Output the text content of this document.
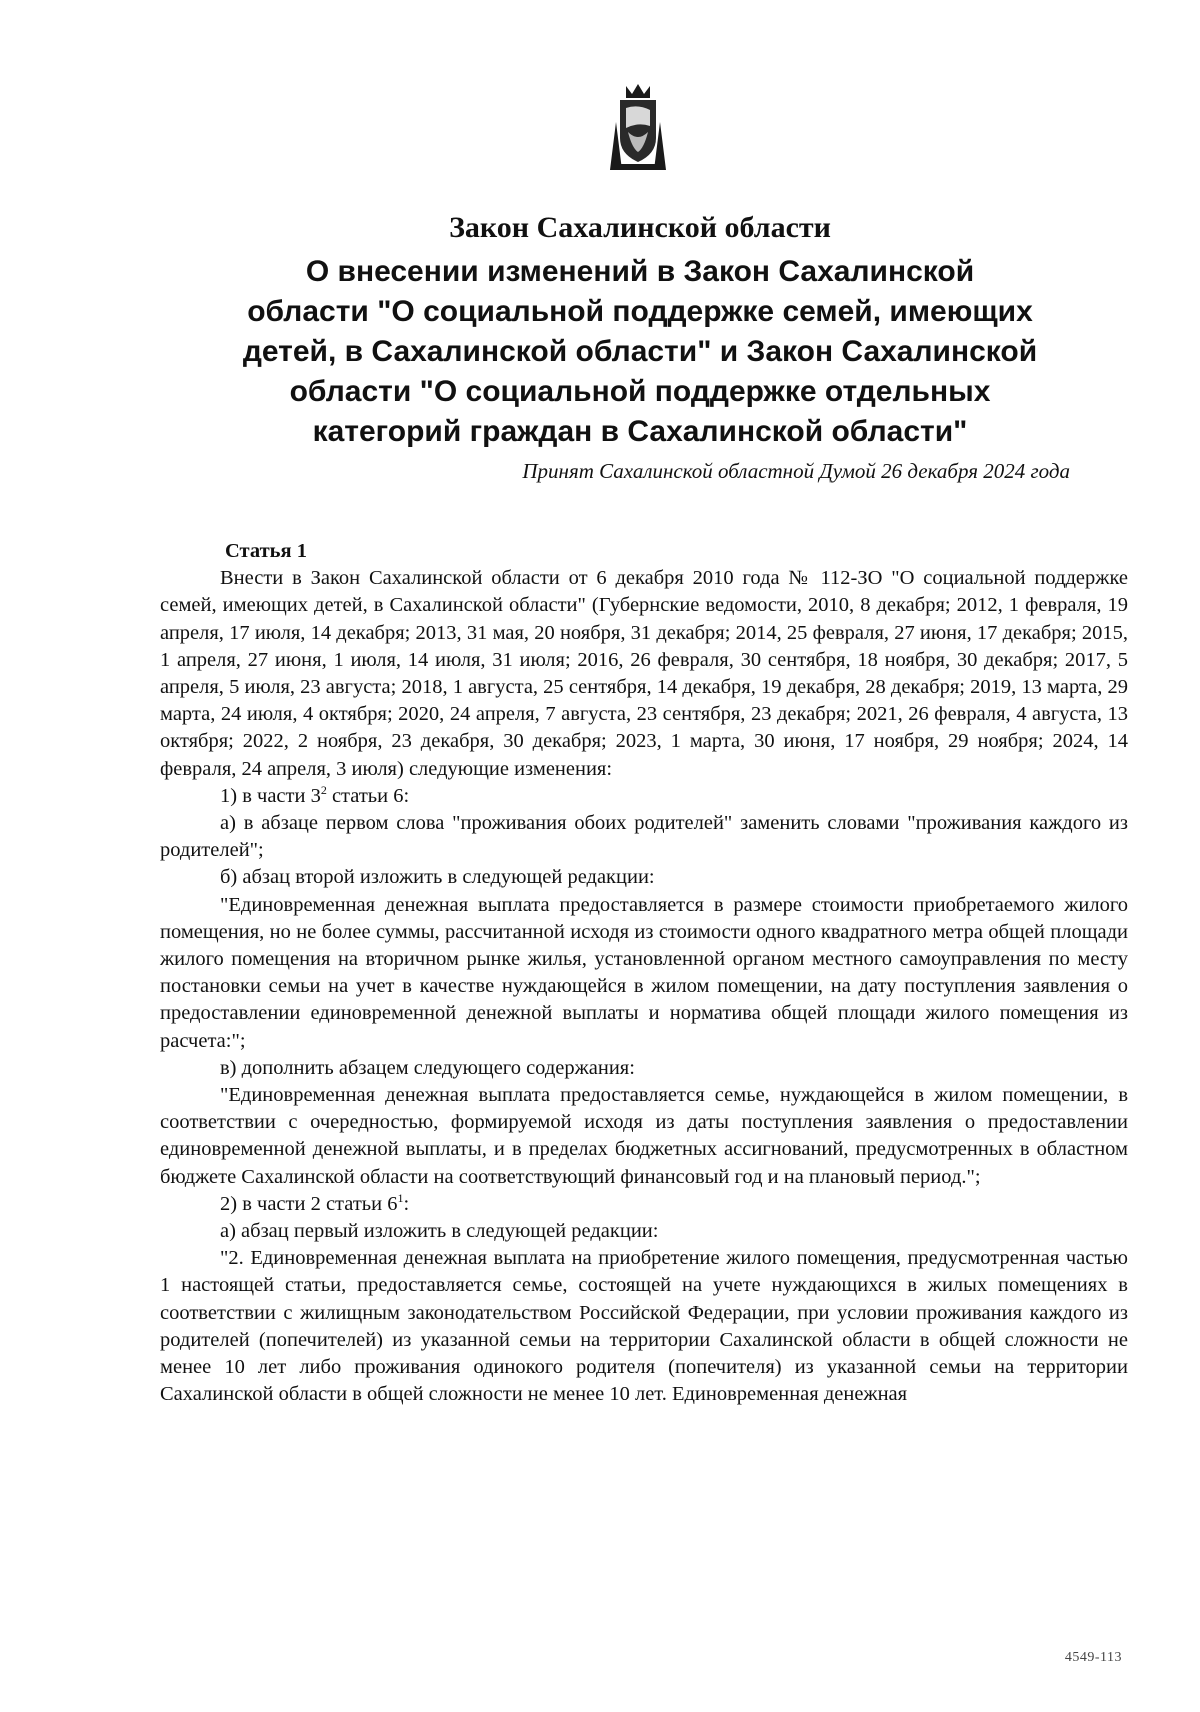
Закон Сахалинской области

О внесении изменений в Закон Сахалинской

области "О социальной поддержке семей, имеющих

детей, в Сахалинской области" и Закон Сахалинской

области "О социальной поддержке отдельных

категорий граждан в Сахалинской области"

Принят Сахалинской областной Думой 26 декабря 2024 года

Статья 1

Внести в Закон Сахалинской области от 6 декабря 2010 года № 112-ЗО "О социальной поддержке семей, имеющих детей, в Сахалинской области" (Губернские ведомости, 2010, 8 декабря; 2012, 1 февраля, 19 апреля, 17 июля, 14 декабря; 2013, 31 мая, 20 ноября, 31 декабря; 2014, 25 февраля, 27 июня, 17 декабря; 2015, 1 апреля, 27 июня, 1 июля, 14 июля, 31 июля; 2016, 26 февраля, 30 сентября, 18 ноября, 30 декабря; 2017, 5 апреля, 5 июля, 23 августа; 2018, 1 августа, 25 сентября, 14 декабря, 19 декабря, 28 декабря; 2019, 13 марта, 29 марта, 24 июля, 4 октября; 2020, 24 апреля, 7 августа, 23 сентября, 23 декабря; 2021, 26 февраля, 4 августа, 13 октября; 2022, 2 ноября, 23 декабря, 30 декабря; 2023, 1 марта, 30 июня, 17 ноября, 29 ноября; 2024, 14 февраля, 24 апреля, 3 июля) следующие изменения:

1) в части $3^2$ статьи 6:

а) в абзаце первом слова "проживания обоих родителей" заменить словами "проживания каждого из родителей";

б) абзац второй изложить в следующей редакции:

"Единовременная денежная выплата предоставляется в размере стоимости приобретаемого жилого помещения, но не более суммы, рассчитанной исходя из стоимости одного квадратного метра общей площади жилого помещения на вторичном рынке жилья, установленной органом местного самоуправления по месту постановки семьи на учет в качестве нуждающейся в жилом помещении, на дату поступления заявления о предоставлении единовременной денежной выплаты и норматива общей площади жилого помещения из расчета:";

в) дополнить абзацем следующего содержания:

"Единовременная денежная выплата предоставляется семье, нуждающейся в жилом помещении, в соответствии с очередностью, формируемой исходя из даты поступления заявления о предоставлении единовременной денежной выплаты, и в пределах бюджетных ассигнований, предусмотренных в областном бюджете Сахалинской области на соответствующий финансовый год и на плановый период.";

2) в части 2 статьи $6^1$:

а) абзац первый изложить в следующей редакции:

"2. Единовременная денежная выплата на приобретение жилого помещения, предусмотренная частью 1 настоящей статьи, предоставляется семье, состоящей на учете нуждающихся в жилых помещениях в соответствии с жилищным законодательством Российской Федерации, при условии проживания каждого из родителей (попечителей) из указанной семьи на территории Сахалинской области в общей сложности не менее 10 лет либо проживания одинокого родителя (попечителя) из указанной семьи на территории Сахалинской области в общей сложности не менее 10 лет. Единовременная денежная

4549-113
